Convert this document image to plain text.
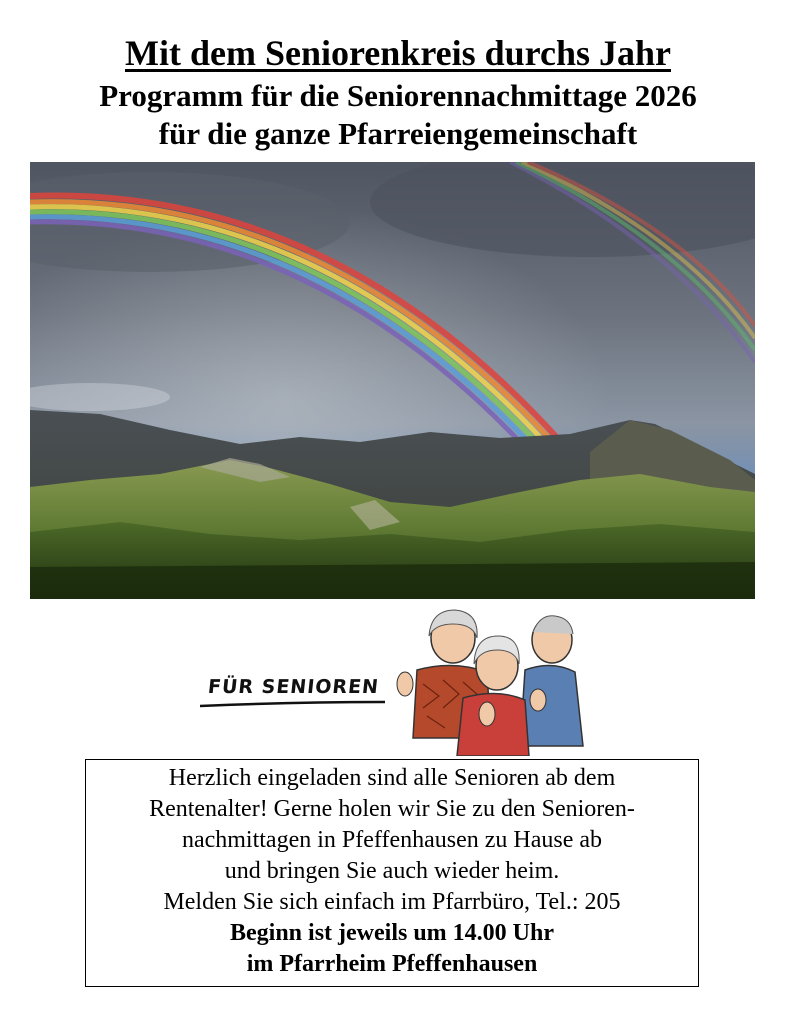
Mit dem Seniorenkreis durchs Jahr
Programm für die Seniorennachmittage 2026
für die ganze Pfarreiengemeinschaft
FÜR SENIOREN
Herzlich eingeladen sind alle Senioren ab dem
Rentenalter! Gerne holen wir Sie zu den Senioren-
nachmittagen in Pfeffenhausen zu Hause ab
und bringen Sie auch wieder heim.
Melden Sie sich einfach im Pfarrbüro, Tel.: 205
Beginn ist jeweils um 14.00 Uhr
im Pfarrheim Pfeffenhausen
